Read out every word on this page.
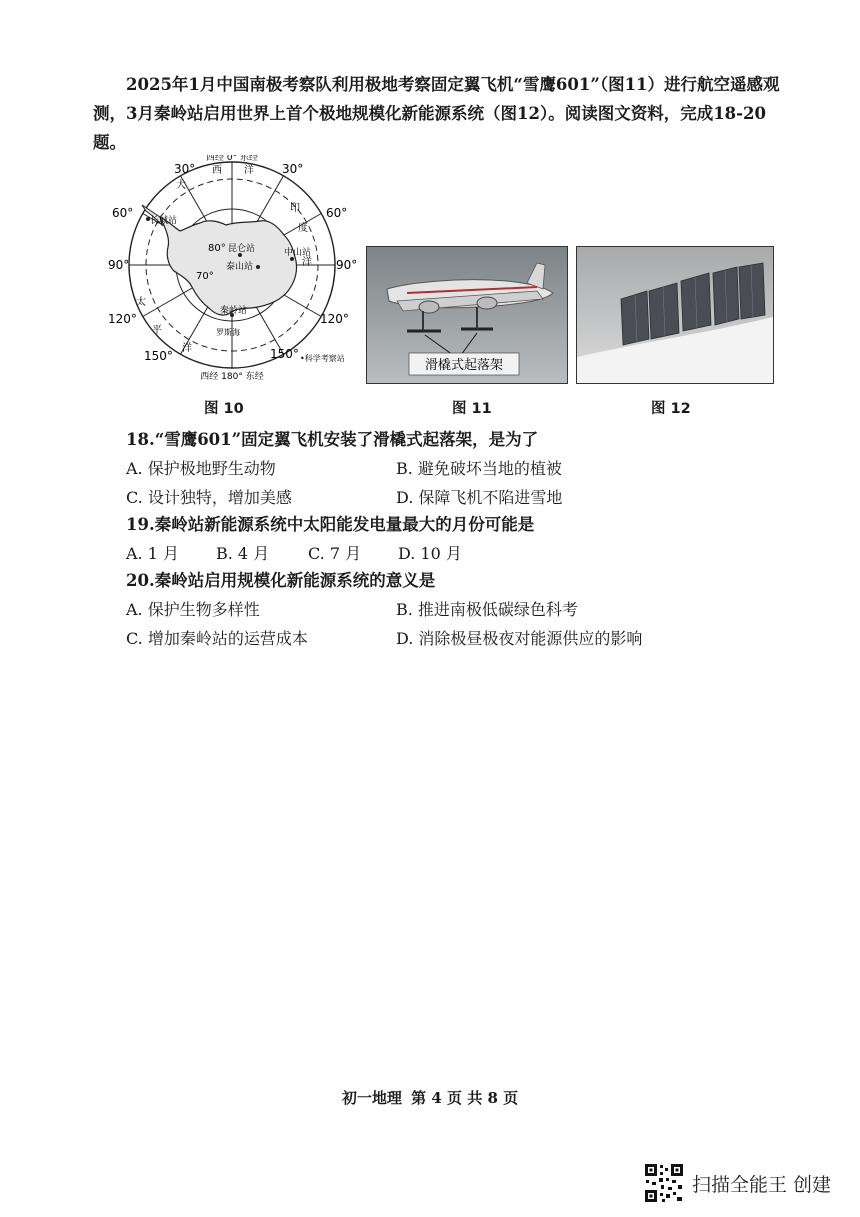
2025年1月中国南极考察队利用极地考察固定翼飞机“雪鹰601”（图11）进行航空遥感观测，3月秦岭站启用世界上首个极地规模化新能源系统（图12）。阅读图文资料，完成18-20题。

西经 0° 东经
30°	30°
60°	60°
90°	90°
120°	120°
150°	150°
西经 180° 东经
•科学考察站
70°
80°
大
西 洋
印
度
洋
太
平
洋
长城站
昆仑站
泰山站
中山站
秦岭站
罗斯海
滑橇式起落架
图 10	图 11	图 12

18.“雪鹰601”固定翼飞机安装了滑橇式起落架，是为了

A. 保护极地野生动物	B. 避免破坏当地的植被

C. 设计独特，增加美感	D. 保障飞机不陷进雪地

19.秦岭站新能源系统中太阳能发电量最大的月份可能是

A. 1 月 B. 4 月 C. 7 月 D. 10 月

20.秦岭站启用规模化新能源系统的意义是

A. 保护生物多样性	B. 推进南极低碳绿色科考

C. 增加秦岭站的运营成本	D. 消除极昼极夜对能源供应的影响

初一地理 第 4 页 共 8 页
扫描全能王 创建
